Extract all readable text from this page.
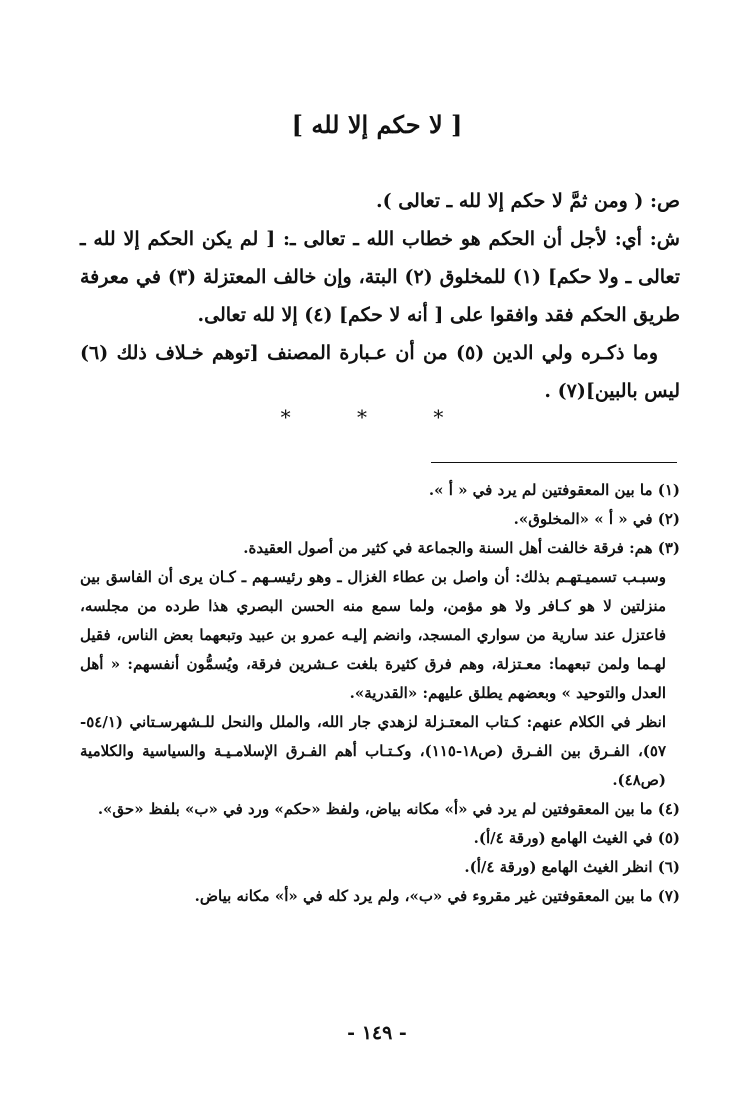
[ لا حكم إلا لله ]

ص: ( ومن ثمَّ لا حكم إلا لله ـ تعالى ).

ش: أي: لأجل أن الحكم هو خطاب الله ـ تعالى ـ: [ لم يكن الحكم إلا لله ـ تعالى ـ ولا حكم] (١) للمخلوق (٢) البتة، وإن خالف المعتزلة (٣) في معرفة طريق الحكم فقد وافقوا على [ أنه لا حكم] (٤) إلا لله تعالى.

وما ذكـره ولي الدين (٥) من أن عـبارة المصنف [توهم خـلاف ذلك (٦) ليس بالبين](٧) .

* * *

(١) ما بين المعقوفتين لم يرد في « أ ».

(٢) في « أ » «المخلوق».

(٣) هم: فرقة خالفت أهل السنة والجماعة في كثير من أصول العقيدة.

وسبـب تسميـتهـم بذلك: أن واصل بن عطاء الغزال ـ وهو رئيسـهم ـ كـان يرى أن الفاسق بين منزلتين لا هو كـافر ولا هو مؤمن، ولما سمع منه الحسن البصري هذا طرده من مجلسه، فاعتزل عند سارية من سواري المسجد، وانضم إليـه عمرو بن عبيد وتبعهما بعض الناس، فقيل لهـما ولمن تبعهما: معـتزلة، وهم فرق كثيرة بلغت عـشرين فرقة، ويُسمُّون أنفسهم: « أهل العدل والتوحيد » وبعضهم يطلق عليهم: «القدرية».

انظر في الكلام عنهم: كـتاب المعتـزلة لزهدي جار الله، والملل والنحل للـشهرسـتاني (٥٤/١- ٥٧)، الفـرق بين الفـرق (ص١٨-١١٥)، وكـتـاب أهم الفـرق الإسلامـيـة والسياسية والكلامية (ص٤٨).

(٤) ما بين المعقوفتين لم يرد في «أ» مكانه بياض، ولفظ «حكم» ورد في «ب» بلفظ «حق».

(٥) في الغيث الهامع (ورقة ٤/أ).

(٦) انظر الغيث الهامع (ورقة ٤/أ).

(٧) ما بين المعقوفتين غير مقروء في «ب»، ولم يرد كله في «أ» مكانه بياض.

- ١٤٩ -
